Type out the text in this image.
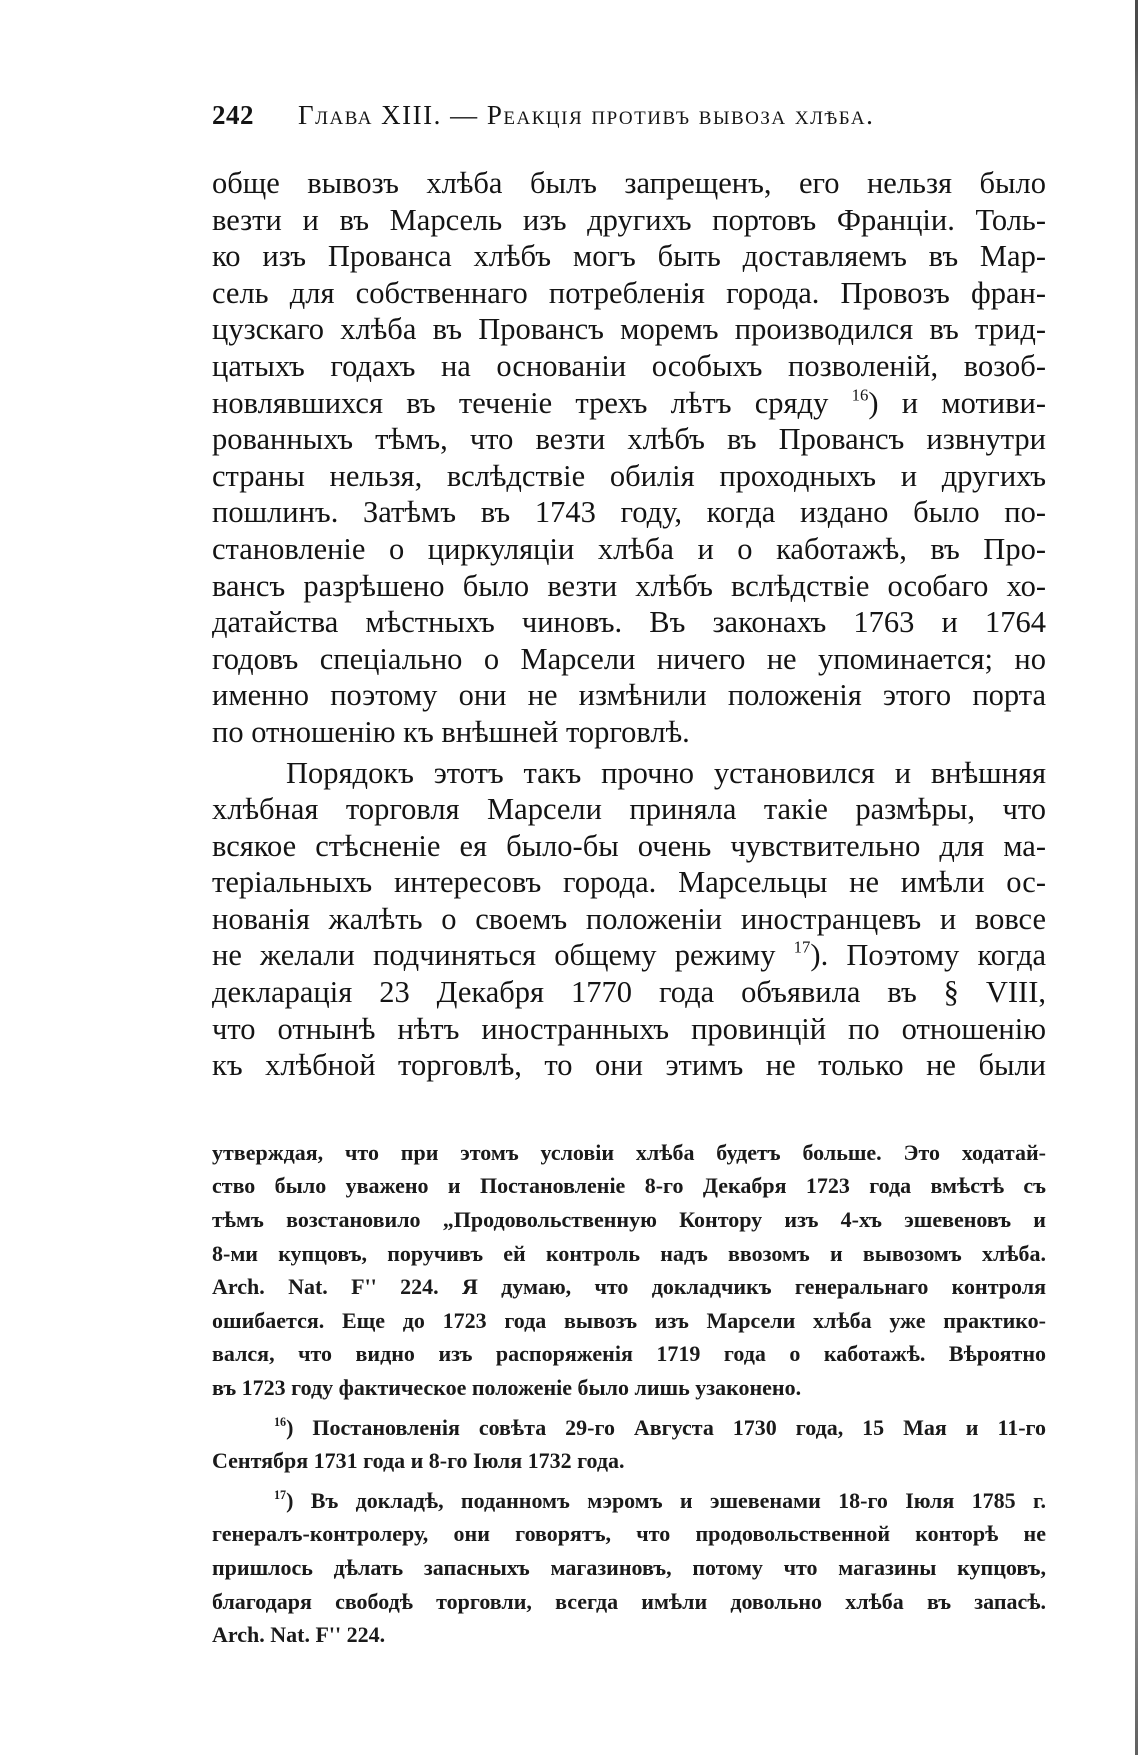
242 Глава XIII. — Реакція противъ вывоза хлѣба.

обще вывозъ хлѣба былъ запрещенъ, его нельзя было
везти и въ Марсель изъ другихъ портовъ Франціи. Толь-
ко изъ Прованса хлѣбъ могъ быть доставляемъ въ Мар-
сель для собственнаго потребленія города. Провозъ фран-
цузскаго хлѣба въ Провансъ моремъ производился въ трид-
цатыхъ годахъ на основаніи особыхъ позволеній, возоб-
новлявшихся въ теченіе трехъ лѣтъ сряду $^{16}$) и мотиви-
рованныхъ тѣмъ, что везти хлѣбъ въ Провансъ извнутри
страны нельзя, вслѣдствіе обилія проходныхъ и другихъ
пошлинъ. Затѣмъ въ 1743 году, когда издано было по-
становленіе о циркуляціи хлѣба и о каботажѣ, въ Про-
вансъ разрѣшено было везти хлѣбъ вслѣдствіе особаго хо-
датайства мѣстныхъ чиновъ. Въ законахъ 1763 и 1764
годовъ спеціально о Марсели ничего не упоминается; но
именно поэтому они не измѣнили положенія этого порта
по отношенію къ внѣшней торговлѣ.

Порядокъ этотъ такъ прочно установился и внѣшняя
хлѣбная торговля Марсели приняла такіе размѣры, что
всякое стѣсненіе ея было-бы очень чувствительно для ма-
теріальныхъ интересовъ города. Марсельцы не имѣли ос-
нованія жалѣть о своемъ положеніи иностранцевъ и вовсе
не желали подчиняться общему режиму $^{17}$). Поэтому когда
декларація 23 Декабря 1770 года объявила въ § VIII,
что отнынѣ нѣтъ иностранныхъ провинцій по отношенію
къ хлѣбной торговлѣ, то они этимъ не только не были

утверждая, что при этомъ условіи хлѣба будетъ больше. Это ходатай-
ство было уважено и Постановленіе 8-го Декабря 1723 года вмѣстѣ съ
тѣмъ возстановило „Продовольственную Контору изъ 4-хъ эшевеновъ и
8-ми купцовъ, поручивъ ей контроль надъ ввозомъ и вывозомъ хлѣба.
Arch. Nat. F'' 224. Я думаю, что докладчикъ генеральнаго контроля
ошибается. Еще до 1723 года вывозъ изъ Марсели хлѣба уже практико-
вался, что видно изъ распоряженія 1719 года о каботажѣ. Вѣроятно
въ 1723 году фактическое положеніе было лишь узаконено.

$^{16}$) Постановленія совѣта 29-го Августа 1730 года, 15 Мая и 11-го
Сентября 1731 года и 8-го Іюля 1732 года.

$^{17}$) Въ докладѣ, поданномъ мэромъ и эшевенами 18-го Іюля 1785 г.
генералъ-контролеру, они говорятъ, что продовольственной конторѣ не
пришлось дѣлать запасныхъ магазиновъ, потому что магазины купцовъ,
благодаря свободѣ торговли, всегда имѣли довольно хлѣба въ запасѣ.
Arch. Nat. F'' 224.
